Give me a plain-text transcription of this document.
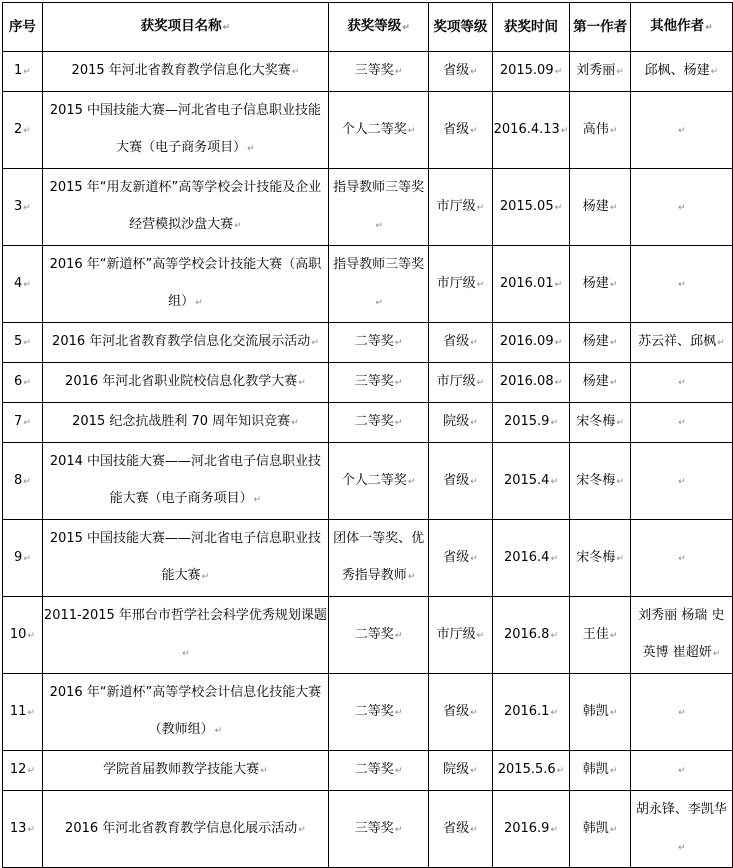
序号	获奖项目名称↵	获奖等级↵	奖项等级	获奖时间	第一作者	其他作者↵
1↵	2015 年河北省教育教学信息化大奖赛↵	三等奖↵	省级↵	2015.09↵	刘秀丽↵	邱枫、杨建↵
2↵	2015 中国技能大赛—河北省电子信息职业技能大赛（电子商务项目）↵	个人二等奖↵	省级↵	2016.4.13↵	高伟↵	↵
3↵	2015 年“用友新道杯”高等学校会计技能及企业经营模拟沙盘大赛↵	指导教师三等奖↵	市厅级↵	2015.05↵	杨建↵	↵
4↵	2016 年“新道杯”高等学校会计技能大赛（高职组）↵	指导教师三等奖↵	市厅级↵	2016.01↵	杨建↵	↵
5↵	2016 年河北省教育教学信息化交流展示活动↵	二等奖↵	省级↵	2016.09↵	杨建↵	苏云祥、邱枫↵
6↵	2016 年河北省职业院校信息化教学大赛↵	三等奖↵	市厅级↵	2016.08↵	杨建↵	↵
7↵	2015 纪念抗战胜利 70 周年知识竞赛↵	二等奖↵	院级↵	2015.9↵	宋冬梅↵	↵
8↵	2014 中国技能大赛——河北省电子信息职业技能大赛（电子商务项目）↵	个人二等奖↵	省级↵	2015.4↵	宋冬梅↵	↵
9↵	2015 中国技能大赛——河北省电子信息职业技能大赛↵	团体一等奖、优秀指导教师↵	省级↵	2016.4↵	宋冬梅↵	↵
10↵	2011-2015 年邢台市哲学社会科学优秀规划课题↵	二等奖↵	市厅级↵	2016.8↵	王佳↵	刘秀丽 杨瑞 史英博 崔超妍↵
11↵	2016 年“新道杯”高等学校会计信息化技能大赛（教师组）↵	二等奖↵	省级↵	2016.1↵	韩凯↵	↵
12↵	学院首届教师教学技能大赛↵	二等奖↵	院级↵	2015.5.6↵	韩凯↵	↵
13↵	2016 年河北省教育教学信息化展示活动↵	三等奖↵	省级↵	2016.9↵	韩凯↵	胡永锋、李凯华↵
